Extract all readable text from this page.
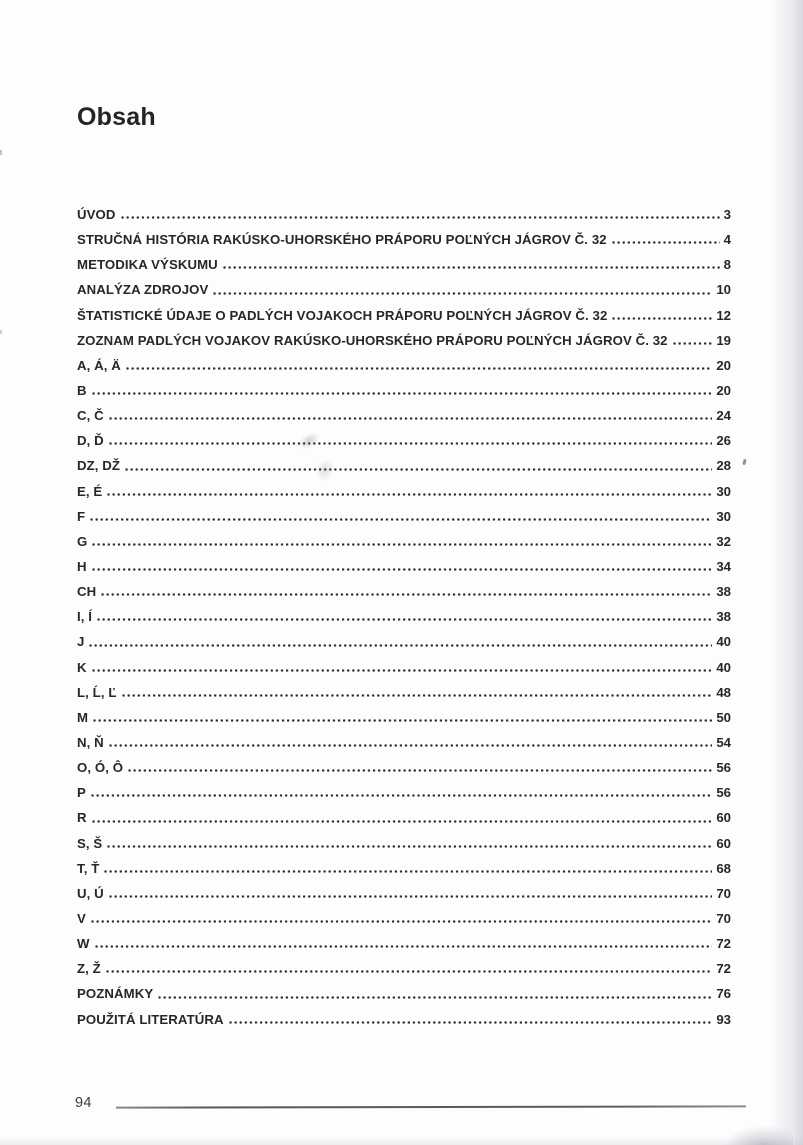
Obsah
ÚVOD	3
STRUČNÁ HISTÓRIA RAKÚSKO-UHORSKÉHO PRÁPORU POĽNÝCH JÁGROV Č. 32	4
METODIKA VÝSKUMU	8
ANALÝZA ZDROJOV	10
ŠTATISTICKÉ ÚDAJE O PADLÝCH VOJAKOCH PRÁPORU POĽNÝCH JÁGROV Č. 32	12
ZOZNAM PADLÝCH VOJAKOV RAKÚSKO-UHORSKÉHO PRÁPORU POĽNÝCH JÁGROV Č. 32	19
A, Á, Ä	20
B	20
C, Č	24
D, Ď	26
DZ, DŽ	28
E, É	30
F	30
G	32
H	34
CH	38
I, Í	38
J	40
K	40
L, Ĺ, Ľ	48
M	50
N, Ň	54
O, Ó, Ô	56
P	56
R	60
S, Š	60
T, Ť	68
U, Ú	70
V	70
W	72
Z, Ž	72
POZNÁMKY	76
POUŽITÁ LITERATÚRA	93
94
